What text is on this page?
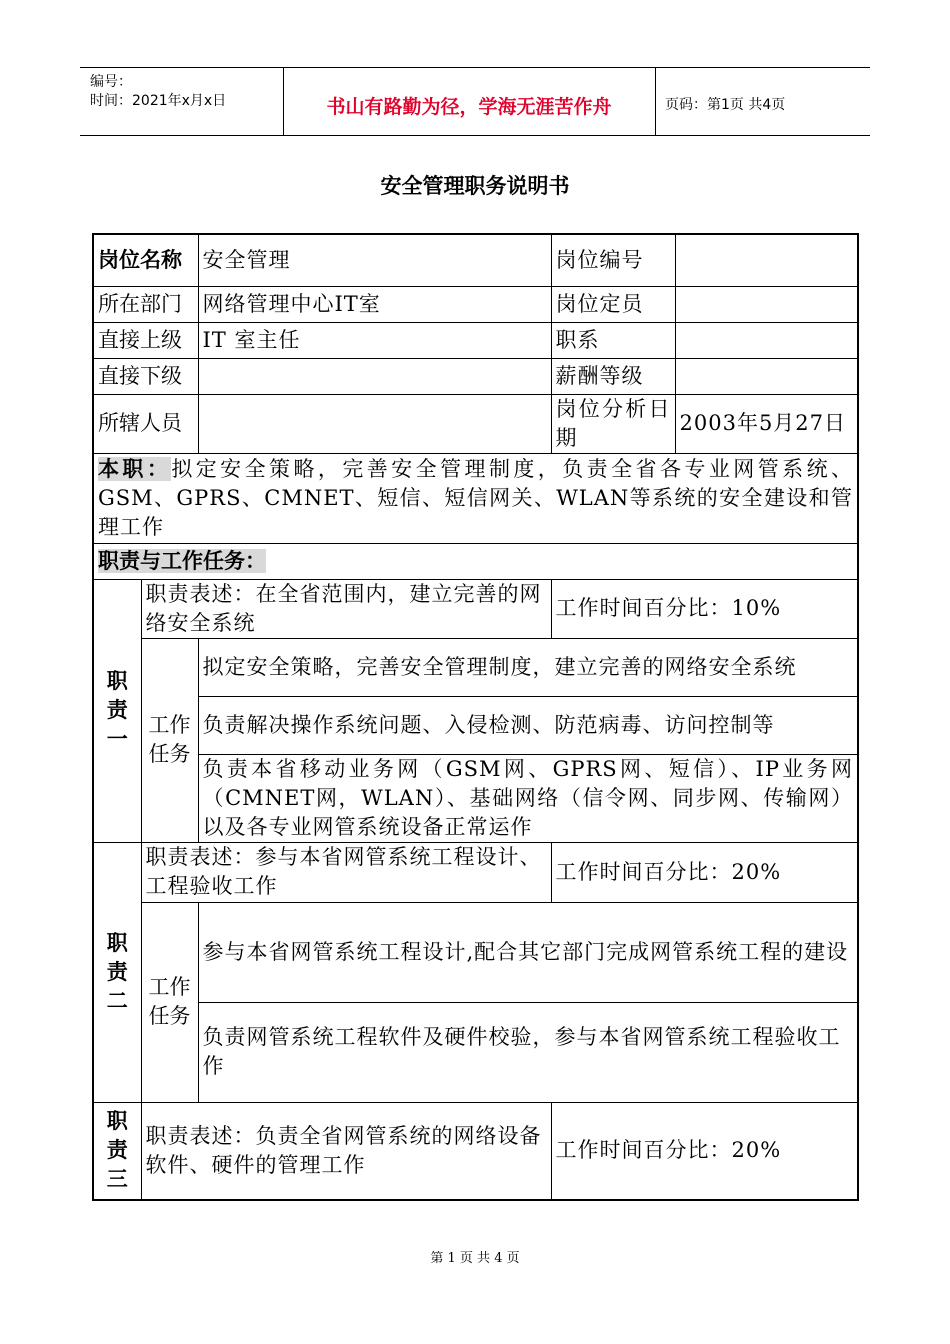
编号：
时间：2021年x月x日	书山有路勤为径，学海无涯苦作舟	页码：第1页 共4页
安全管理职务说明书
岗位名称		安全管理	岗位编号	
所在部门		网络管理中心IT室	岗位定员	
直接上级		IT 室主任	职系	
直接下级			薪酬等级	
所辖人员			岗位分析日期	2003年5月27日
本职：拟定安全策略，完善安全管理制度，负责全省各专业网管系统、GSM、GPRS、CMNET、短信、短信网关、WLAN等系统的安全建设和管理工作				
职责与工作任务：				
职责一	职责表述：在全省范围内，建立完善的网络安全系统		工作时间百分比：10%	
	工作任务	拟定安全策略，完善安全管理制度，建立完善的网络安全系统		
		负责解决操作系统问题、入侵检测、防范病毒、访问控制等		
		负责本省移动业务网（GSM网、GPRS网、短信）、IP业务网（CMNET网，WLAN）、基础网络（信令网、同步网、传输网）以及各专业网管系统设备正常运作		
职责二	职责表述：参与本省网管系统工程设计、工程验收工作		工作时间百分比：20%	
	工作任务	参与本省网管系统工程设计,配合其它部门完成网管系统工程的建设		
		负责网管系统工程软件及硬件校验，参与本省网管系统工程验收工作		
职责三	职责表述：负责全省网管系统的网络设备软件、硬件的管理工作		工作时间百分比：20%	
第 1 页 共 4 页
